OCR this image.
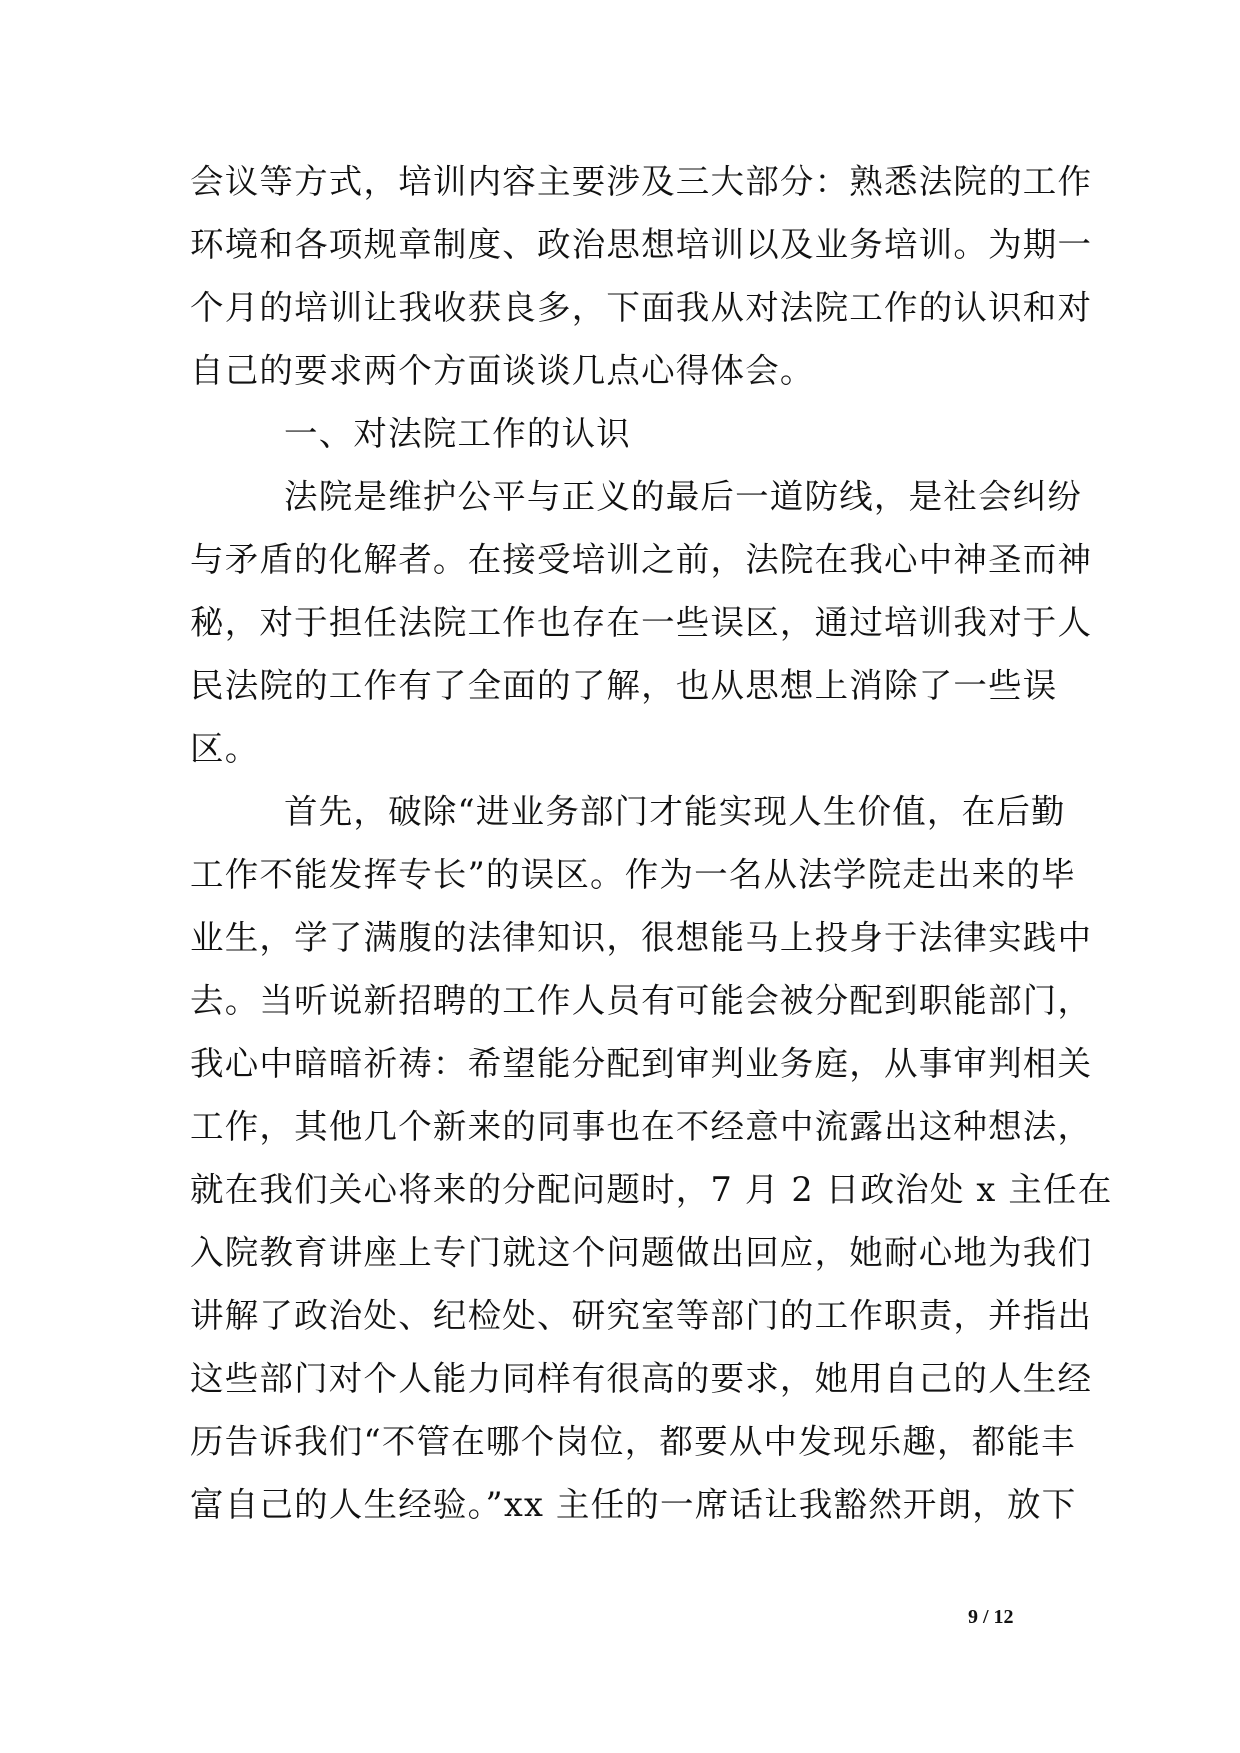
会议等方式，培训内容主要涉及三大部分：熟悉法院的工作
环境和各项规章制度、政治思想培训以及业务培训。为期一
个月的培训让我收获良多，下面我从对法院工作的认识和对
自己的要求两个方面谈谈几点心得体会。
一、对法院工作的认识
法院是维护公平与正义的最后一道防线，是社会纠纷
与矛盾的化解者。在接受培训之前，法院在我心中神圣而神
秘，对于担任法院工作也存在一些误区，通过培训我对于人
民法院的工作有了全面的了解，也从思想上消除了一些误
区。
首先，破除“进业务部门才能实现人生价值，在后勤
工作不能发挥专长”的误区。作为一名从法学院走出来的毕
业生，学了满腹的法律知识，很想能马上投身于法律实践中
去。当听说新招聘的工作人员有可能会被分配到职能部门，
我心中暗暗祈祷：希望能分配到审判业务庭，从事审判相关
工作，其他几个新来的同事也在不经意中流露出这种想法，
就在我们关心将来的分配问题时，7 月 2 日政治处 x 主任在
入院教育讲座上专门就这个问题做出回应，她耐心地为我们
讲解了政治处、纪检处、研究室等部门的工作职责，并指出
这些部门对个人能力同样有很高的要求，她用自己的人生经
历告诉我们“不管在哪个岗位，都要从中发现乐趣，都能丰
富自己的人生经验。”xx 主任的一席话让我豁然开朗，放下
9 / 12
